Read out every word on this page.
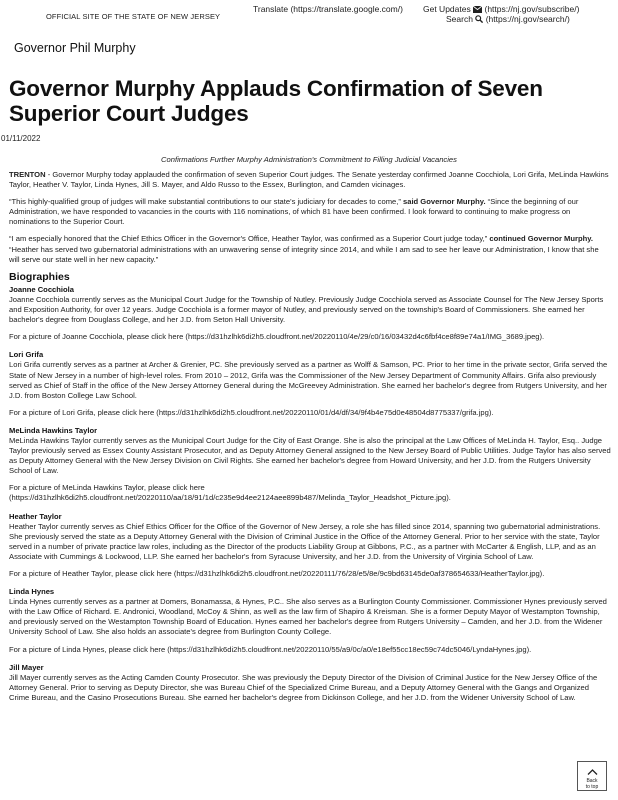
OFFICIAL SITE OF THE STATE OF NEW JERSEY
Translate (https://translate.google.com/) Get Updates (https://nj.gov/subscribe/)
Search (https://nj.gov/search/)
Governor Phil Murphy
Governor Murphy Applauds Confirmation of Seven Superior Court Judges
01/11/2022
Confirmations Further Murphy Administration's Commitment to Filling Judicial Vacancies

TRENTON - Governor Murphy today applauded the confirmation of seven Superior Court judges. The Senate yesterday confirmed Joanne Cocchiola, Lori Grifa, MeLinda Hawkins Taylor, Heather V. Taylor, Linda Hynes, Jill S. Mayer, and Aldo Russo to the Essex, Burlington, and Camden vicinages.

“This highly-qualified group of judges will make substantial contributions to our state's judiciary for decades to come,” said Governor Murphy. “Since the beginning of our Administration, we have responded to vacancies in the courts with 116 nominations, of which 81 have been confirmed. I look forward to continuing to make progress on nominations to the Superior Court.

“I am especially honored that the Chief Ethics Officer in the Governor's Office, Heather Taylor, was confirmed as a Superior Court judge today,” continued Governor Murphy. “Heather has served two gubernatorial administrations with an unwavering sense of integrity since 2014, and while I am sad to see her leave our Administration, I know that she will serve our state well in her new capacity.”

Biographies
Joanne Cocchiola
Joanne Cocchiola currently serves as the Municipal Court Judge for the Township of Nutley. Previously Judge Cocchiola served as Associate Counsel for The New Jersey Sports and Exposition Authority, for over 12 years. Judge Cocchiola is a former mayor of Nutley, and previously served on the township's Board of Commissioners. She earned her bachelor's degree from Douglass College, and her J.D. from Seton Hall University.
For a picture of Joanne Cocchiola, please click here (https://d31hzlhk6di2h5.cloudfront.net/20220110/4e/29/c0/16/03432d4c6fbf4ce8f89e74a1/IMG_3689.jpeg).
Lori Grifa
Lori Grifa currently serves as a partner at Archer & Grenier, PC. She previously served as a partner as Wolff & Samson, PC. Prior to her time in the private sector, Grifa served the State of New Jersey in a number of high-level roles. From 2010 – 2012, Grifa was the Commissioner of the New Jersey Department of Community Affairs. Grifa also previously served as Chief of Staff in the office of the New Jersey Attorney General during the McGreevey Administration. She earned her bachelor's degree from Rutgers University, and her J.D. from Boston College Law School.
For a picture of Lori Grifa, please click here (https://d31hzlhk6di2h5.cloudfront.net/20220110/01/d4/df/34/9f4b4e75d0e48504d8775337/grifa.jpg).
MeLinda Hawkins Taylor
MeLinda Hawkins Taylor currently serves as the Municipal Court Judge for the City of East Orange. She is also the principal at the Law Offices of MeLinda H. Taylor, Esq.. Judge Taylor previously served as Essex County Assistant Prosecutor, and as Deputy Attorney General assigned to the New Jersey Board of Public Utilities. Judge Taylor has also served as Deputy Attorney General with the New Jersey Division on Civil Rights. She earned her bachelor's degree from Howard University, and her J.D. from the Rutgers University School of Law.
For a picture of MeLinda Hawkins Taylor, please click here (https://d31hzlhk6di2h5.cloudfront.net/20220110/aa/18/91/1d/c235e9d4ee2124aee899b487/Melinda_Taylor_Headshot_Picture.jpg).
Heather Taylor
Heather Taylor currently serves as Chief Ethics Officer for the Office of the Governor of New Jersey, a role she has filled since 2014, spanning two gubernatorial administrations. She previously served the state as a Deputy Attorney General with the Division of Criminal Justice in the Office of the Attorney General. Prior to her service with the state, Taylor served in a number of private practice law roles, including as the Director of the products Liability Group at Gibbons, P.C., as a partner with McCarter & English, LLP, and as an Associate with Cummings & Lockwood, LLP. She earned her bachelor's from Syracuse University, and her J.D. from the University of Virginia School of Law.
For a picture of Heather Taylor, please click here (https://d31hzlhk6di2h5.cloudfront.net/20220111/76/28/e5/8e/9c9bd63145de0af378654633/HeatherTaylor.jpg).
Linda Hynes
Linda Hynes currently serves as a partner at Domers, Bonamassa, & Hynes, P.C.. She also serves as a Burlington County Commissioner. Commissioner Hynes previously served with the Law Office of Richard. E. Andronici, Woodland, McCoy & Shinn, as well as the law firm of Shapiro & Kreisman. She is a former Deputy Mayor of Westampton Township, and previously served on the Westampton Township Board of Education. Hynes earned her bachelor's degree from Rutgers University – Camden, and her J.D. from the Widener University School of Law. She also holds an associate's degree from Burlington County College.
For a picture of Linda Hynes, please click here (https://d31hzlhk6di2h5.cloudfront.net/20220110/55/a9/0c/a0/e18ef55cc18ec59c74dc5046/LyndaHynes.jpg).
Jill Mayer
Jill Mayer currently serves as the Acting Camden County Prosecutor. She was previously the Deputy Director of the Division of Criminal Justice for the New Jersey Office of the Attorney General. Prior to serving as Deputy Director, she was Bureau Chief of the Specialized Crime Bureau, and a Deputy Attorney General with the Gangs and Organized Crime Bureau, and the Casino Prosecutions Bureau. She earned her bachelor's degree from Dickinson College, and her J.D. from the Widener University School of Law.
Back
to top
